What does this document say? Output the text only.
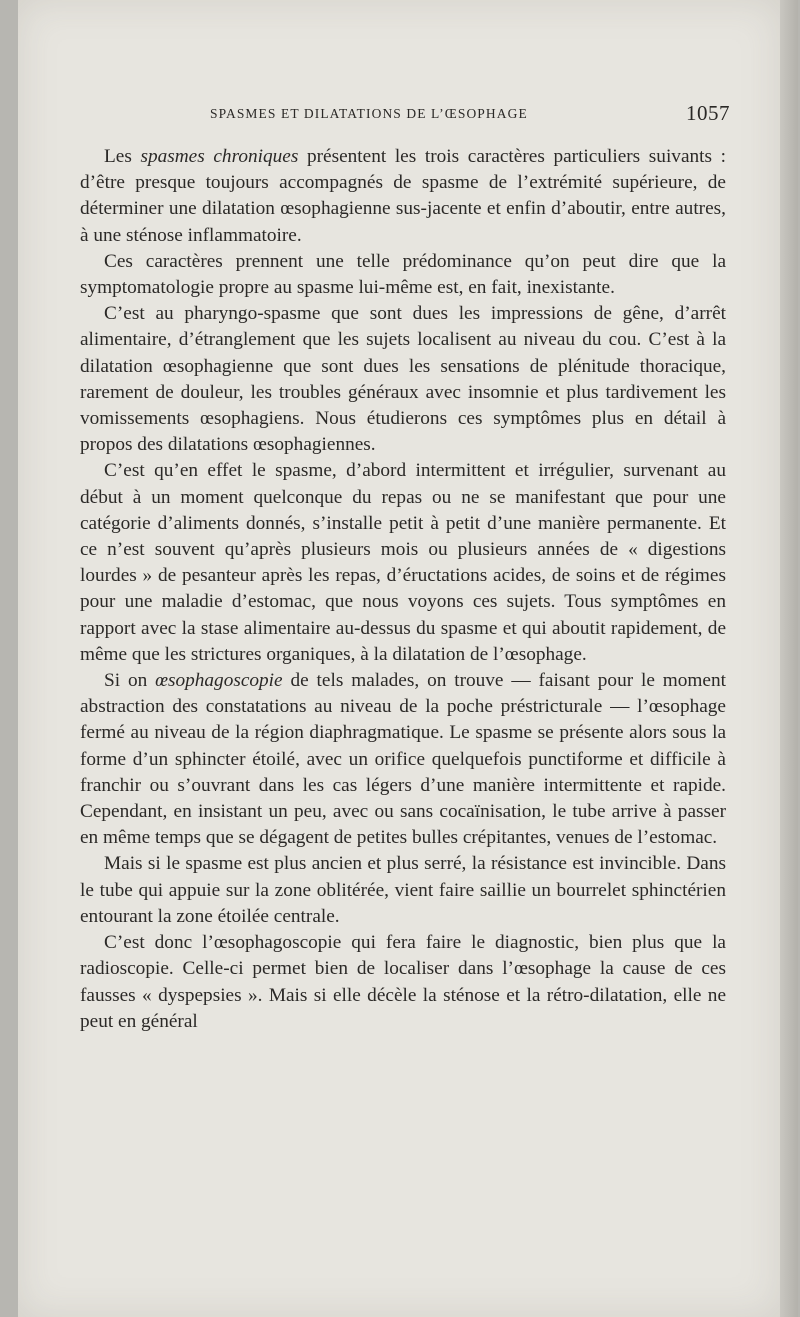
SPASMES ET DILATATIONS DE L’ŒSOPHAGE	1057

Les spasmes chroniques présentent les trois caractères particuliers suivants : d’être presque toujours accompagnés de spasme de l’extrémité supérieure, de déterminer une dilatation œsophagienne sus-jacente et enfin d’aboutir, entre autres, à une sténose inflammatoire.

Ces caractères prennent une telle prédominance qu’on peut dire que la symptomatologie propre au spasme lui-même est, en fait, inexistante.

C’est au pharyngo-spasme que sont dues les impressions de gêne, d’arrêt alimentaire, d’étranglement que les sujets localisent au niveau du cou. C’est à la dilatation œsophagienne que sont dues les sensations de plénitude thoracique, rarement de douleur, les troubles généraux avec insomnie et plus tardivement les vomissements œsophagiens. Nous étudierons ces symptômes plus en détail à propos des dilatations œsophagiennes.

C’est qu’en effet le spasme, d’abord intermittent et irrégulier, survenant au début à un moment quelconque du repas ou ne se manifestant que pour une catégorie d’aliments donnés, s’installe petit à petit d’une manière permanente. Et ce n’est souvent qu’après plusieurs mois ou plusieurs années de « digestions lourdes » de pesanteur après les repas, d’éructations acides, de soins et de régimes pour une maladie d’estomac, que nous voyons ces sujets. Tous symptômes en rapport avec la stase alimentaire au-dessus du spasme et qui aboutit rapidement, de même que les strictures organiques, à la dilatation de l’œsophage.

Si on œsophagoscopie de tels malades, on trouve — faisant pour le moment abstraction des constatations au niveau de la poche préstricturale — l’œsophage fermé au niveau de la région diaphragmatique. Le spasme se présente alors sous la forme d’un sphincter étoilé, avec un orifice quelquefois punctiforme et difficile à franchir ou s’ouvrant dans les cas légers d’une manière intermittente et rapide. Cependant, en insistant un peu, avec ou sans cocaïnisation, le tube arrive à passer en même temps que se dégagent de petites bulles crépitantes, venues de l’estomac.

Mais si le spasme est plus ancien et plus serré, la résistance est invincible. Dans le tube qui appuie sur la zone oblitérée, vient faire saillie un bourrelet sphinctérien entourant la zone étoilée centrale.

C’est donc l’œsophagoscopie qui fera faire le diagnostic, bien plus que la radioscopie. Celle-ci permet bien de localiser dans l’œsophage la cause de ces fausses « dyspepsies ». Mais si elle décèle la sténose et la rétro-dilatation, elle ne peut en général
